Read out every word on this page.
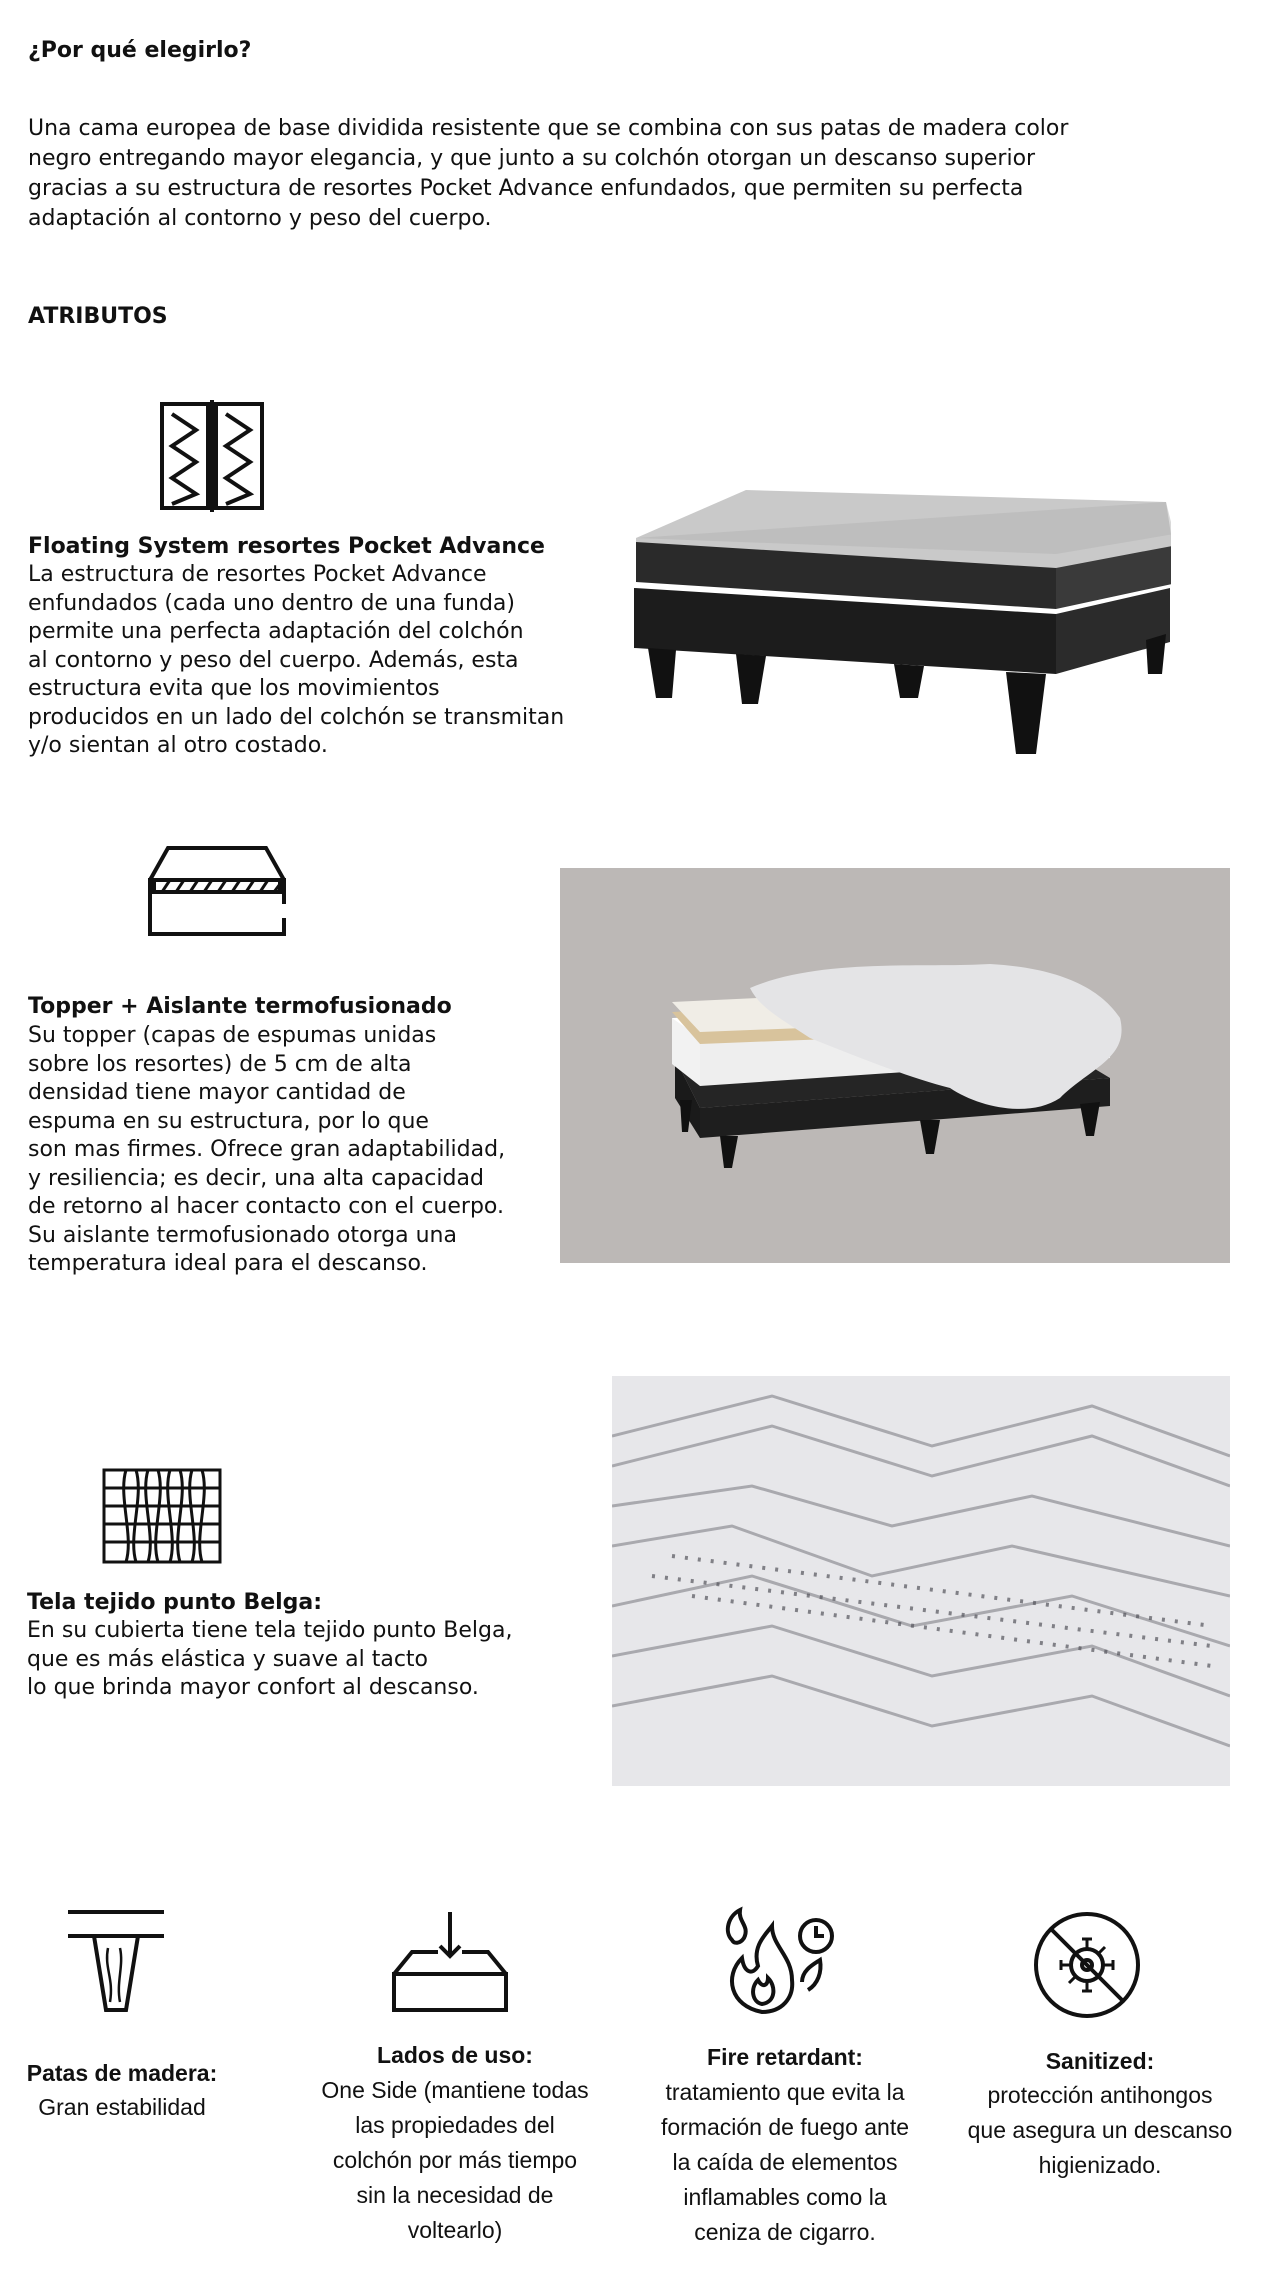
¿Por qué elegirlo?
Una cama europea de base dividida resistente que se combina con sus patas de madera color
negro entregando mayor elegancia, y que junto a su colchón otorgan un descanso superior
gracias a su estructura de resortes Pocket Advance enfundados, que permiten su perfecta
adaptación al contorno y peso del cuerpo.
ATRIBUTOS
Floating System resortes Pocket Advance
La estructura de resortes Pocket Advance
enfundados (cada uno dentro de una funda)
permite una perfecta adaptación del colchón
al contorno y peso del cuerpo. Además, esta
estructura evita que los movimientos
producidos en un lado del colchón se transmitan
y/o sientan al otro costado.
Topper + Aislante termofusionado
Su topper (capas de espumas unidas
sobre los resortes) de 5 cm de alta
densidad tiene mayor cantidad de
espuma en su estructura, por lo que
son mas firmes. Ofrece gran adaptabilidad,
y resiliencia; es decir, una alta capacidad
de retorno al hacer contacto con el cuerpo.
Su aislante termofusionado otorga una
temperatura ideal para el descanso.
Tela tejido punto Belga:
En su cubierta tiene tela tejido punto Belga,
que es más elástica y suave al tacto
lo que brinda mayor confort al descanso.
Patas de madera:
Gran estabilidad
Lados de uso:
One Side (mantiene todas
las propiedades del
colchón por más tiempo
sin la necesidad de
voltearlo)
Fire retardant:
tratamiento que evita la
formación de fuego ante
la caída de elementos
inflamables como la
ceniza de cigarro.
Sanitized:
protección antihongos
que asegura un descanso
higienizado.
